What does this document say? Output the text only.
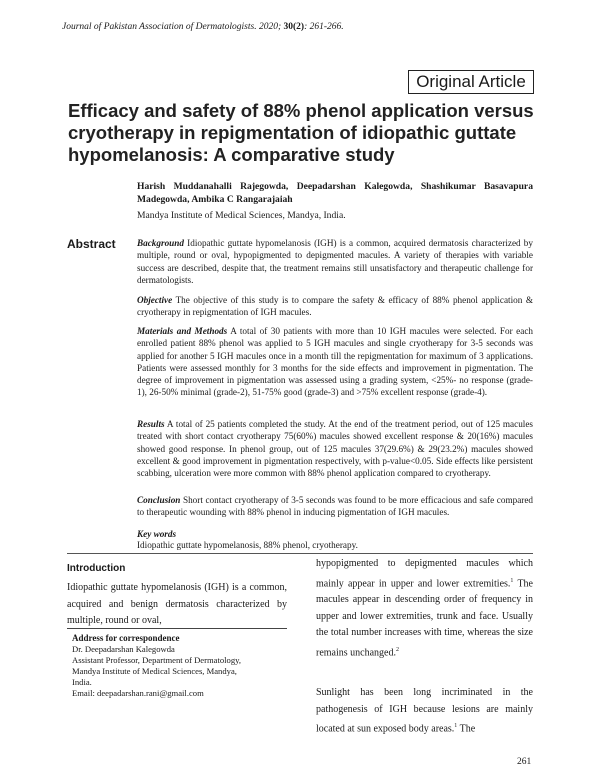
Journal of Pakistan Association of Dermatologists. 2020; 30(2): 261-266.
Original Article
Efficacy and safety of 88% phenol application versus cryotherapy in repigmentation of idiopathic guttate hypomelanosis: A comparative study
Harish Muddanahalli Rajegowda, Deepadarshan Kalegowda, Shashikumar Basavapura Madegowda, Ambika C Rangarajaiah
Mandya Institute of Medical Sciences, Mandya, India.
Abstract Background Idiopathic guttate hypomelanosis (IGH) is a common, acquired dermatosis characterized by multiple, round or oval, hypopigmented to depigmented macules. A variety of therapies with variable success are described, despite that, the treatment remains still unsatisfactory and therapeutic challenge for dermatologists.
Objective The objective of this study is to compare the safety & efficacy of 88% phenol application & cryotherapy in repigmentation of IGH macules.
Materials and Methods A total of 30 patients with more than 10 IGH macules were selected. For each enrolled patient 88% phenol was applied to 5 IGH macules and single cryotherapy for 3-5 seconds was applied for another 5 IGH macules once in a month till the repigmentation for maximum of 3 applications. Patients were assessed monthly for 3 months for the side effects and improvement in pigmentation. The degree of improvement in pigmentation was assessed using a grading system, <25%- no response (grade-1), 26-50% minimal (grade-2), 51-75% good (grade-3) and >75% excellent response (grade-4).
Results A total of 25 patients completed the study. At the end of the treatment period, out of 125 macules treated with short contact cryotherapy 75(60%) macules showed excellent response & 20(16%) macules showed good response. In phenol group, out of 125 macules 37(29.6%) & 29(23.2%) macules showed excellent & good improvement in pigmentation respectively, with p-value<0.05. Side effects like persistent scabbing, ulceration were more common with 88% phenol application compared to cryotherapy.
Conclusion Short contact cryotherapy of 3-5 seconds was found to be more efficacious and safe compared to therapeutic wounding with 88% phenol in inducing pigmentation of IGH macules.
Key words
Idiopathic guttate hypomelanosis, 88% phenol, cryotherapy.
Introduction
Idiopathic guttate hypomelanosis (IGH) is a common, acquired and benign dermatosis characterized by multiple, round or oval,
Address for correspondence
Dr. Deepadarshan Kalegowda
Assistant Professor, Department of Dermatology,
Mandya Institute of Medical Sciences, Mandya,
India.
Email: deepadarshan.rani@gmail.com
hypopigmented to depigmented macules which mainly appear in upper and lower extremities.$^1$ The macules appear in descending order of frequency in upper and lower extremities, trunk and face. Usually the total number increases with time, whereas the size remains unchanged.$^2$
Sunlight has been long incriminated in the pathogenesis of IGH because lesions are mainly located at sun exposed body areas.$^1$ The
261
